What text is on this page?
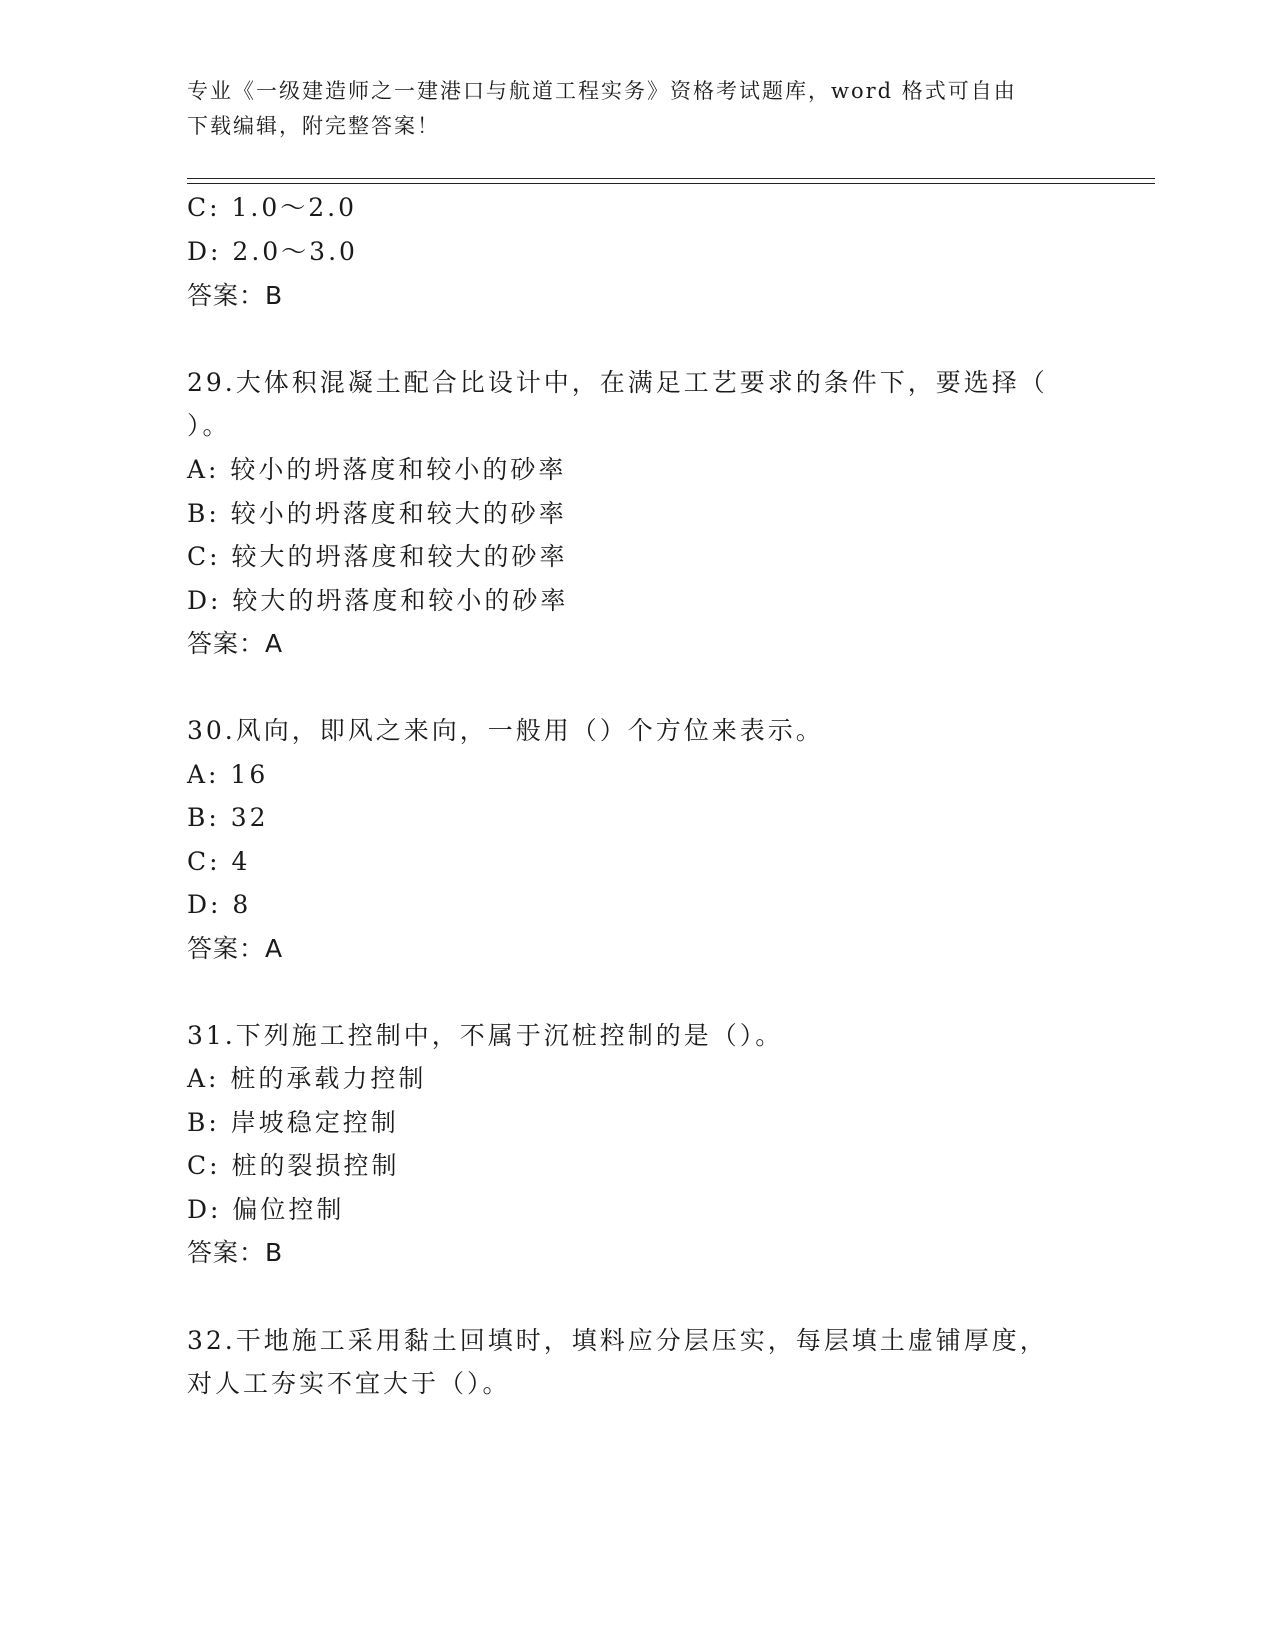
专业《一级建造师之一建港口与航道工程实务》资格考试题库，word 格式可自由
下载编辑，附完整答案！
C: 1.0～2.0
D: 2.0～3.0
答案：B
29.大体积混凝土配合比设计中，在满足工艺要求的条件下，要选择（
）。
A: 较小的坍落度和较小的砂率
B: 较小的坍落度和较大的砂率
C: 较大的坍落度和较大的砂率
D: 较大的坍落度和较小的砂率
答案：A
30.风向，即风之来向，一般用（）个方位来表示。
A: 16
B: 32
C: 4
D: 8
答案：A
31.下列施工控制中，不属于沉桩控制的是（）。
A: 桩的承载力控制
B: 岸坡稳定控制
C: 桩的裂损控制
D: 偏位控制
答案：B
32.干地施工采用黏土回填时，填料应分层压实，每层填土虚铺厚度，
对人工夯实不宜大于（）。
